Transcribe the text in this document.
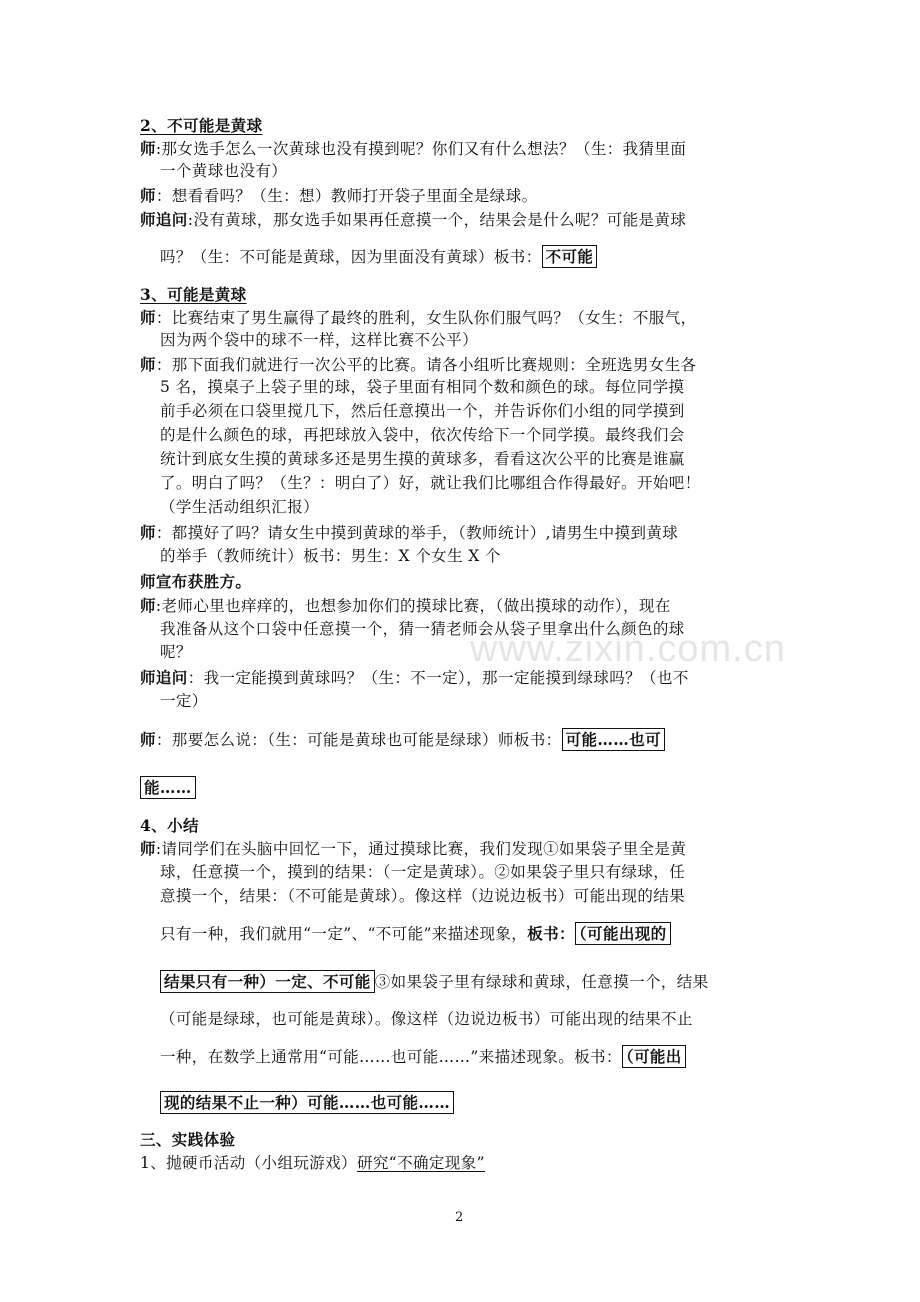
2、不可能是黄球
师:那女选手怎么一次黄球也没有摸到呢？你们又有什么想法？（生：我猜里面
一个黄球也没有）
师：想看看吗？（生：想）教师打开袋子里面全是绿球。
师追问:没有黄球，那女选手如果再任意摸一个，结果会是什么呢？可能是黄球
吗？（生：不可能是黄球，因为里面没有黄球）板书： 不可能
3、可能是黄球
师：比赛结束了男生赢得了最终的胜利，女生队你们服气吗？（女生：不服气，
因为两个袋中的球不一样，这样比赛不公平）
师：那下面我们就进行一次公平的比赛。请各小组听比赛规则：全班选男女生各
5 名，摸桌子上袋子里的球，袋子里面有相同个数和颜色的球。每位同学摸
前手必须在口袋里搅几下，然后任意摸出一个，并告诉你们小组的同学摸到
的是什么颜色的球，再把球放入袋中，依次传给下一个同学摸。最终我们会
统计到底女生摸的黄球多还是男生摸的黄球多，看看这次公平的比赛是谁赢
了。明白了吗？（生？：明白了）好，就让我们比哪组合作得最好。开始吧！
（学生活动组织汇报）
师：都摸好了吗？请女生中摸到黄球的举手，（教师统计）,请男生中摸到黄球
的举手（教师统计）板书：男生：X 个女生 X 个
师宣布获胜方。
师:老师心里也痒痒的，也想参加你们的摸球比赛，（做出摸球的动作），现在
我准备从这个口袋中任意摸一个，猜一猜老师会从袋子里拿出什么颜色的球
呢？
师追问：我一定能摸到黄球吗？（生：不一定），那一定能摸到绿球吗？（也不
一定）
师：那要怎么说：（生：可能是黄球也可能是绿球）师板书： 可能……也可
能……
4、小结
师:请同学们在头脑中回忆一下，通过摸球比赛，我们发现①如果袋子里全是黄
球，任意摸一个，摸到的结果：（一定是黄球）。②如果袋子里只有绿球，任
意摸一个，结果：（不可能是黄球）。像这样（边说边板书）可能出现的结果
只有一种，我们就用“一定”、“不可能”来描述现象，板书： （可能出现的
结果只有一种）一定、不可能 ③如果袋子里有绿球和黄球，任意摸一个，结果
（可能是绿球，也可能是黄球）。像这样（边说边板书）可能出现的结果不止
一种，在数学上通常用“可能……也可能……”来描述现象。板书： （可能出
现的结果不止一种）可能……也可能……
三、实践体验
1、抛硬币活动（小组玩游戏）研究“不确定现象”
www.zixin.com.cn
2
